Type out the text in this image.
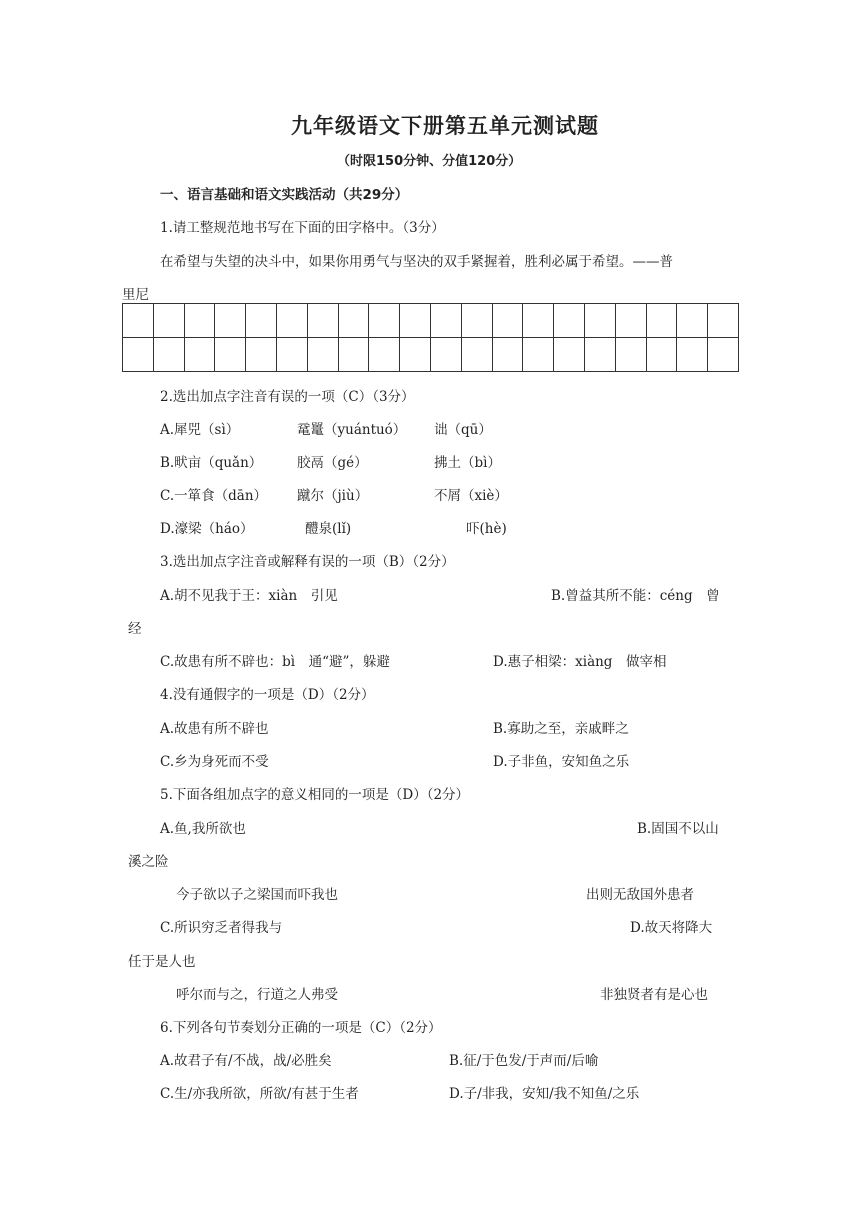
九年级语文下册第五单元测试题
（时限150分钟、分值120分）
一、语言基础和语文实践活动（共29分）
1.请工整规范地书写在下面的田字格中。（3分）
在希望与失望的决斗中，如果你用勇气与坚决的双手紧握着，胜利必属于希望。——普
里尼

2.选出加点字注音有误的一项（C）（3分）
A.犀兕（sì）	鼋鼍（yuántuó） 诎（qū）
B.畎亩（quǎn）	胶鬲（gé）	拂土（bì）
C.一箪食（dān） 蹴尔（jiù）	不屑（xiè）
D.濠梁（háo）	醴泉(lǐ)	吓(hè)
3.选出加点字注音或解释有误的一项（B）（2分）
A.胡不见我于王：xiàn　引见	B.曾益其所不能：céng　曾
经
C.故患有所不辟也：bì　通“避”，躲避	D.惠子相梁：xiàng　做宰相
4.没有通假字的一项是（D）（2分）
A.故患有所不辟也	B.寡助之至，亲戚畔之
C.乡为身死而不受	D.子非鱼，安知鱼之乐
5.下面各组加点字的意义相同的一项是（D）（2分）
A.鱼,我所欲也	B.固国不以山
溪之险
今子欲以子之梁国而吓我也	出则无敌国外患者
C.所识穷乏者得我与	D.故天将降大
任于是人也
呼尔而与之，行道之人弗受	非独贤者有是心也
6.下列各句节奏划分正确的一项是（C）（2分）
A.故君子有/不战，战/必胜矣	B.征/于色发/于声而/后喻
C.生/亦我所欲，所欲/有甚于生者	D.子/非我，安知/我不知鱼/之乐
